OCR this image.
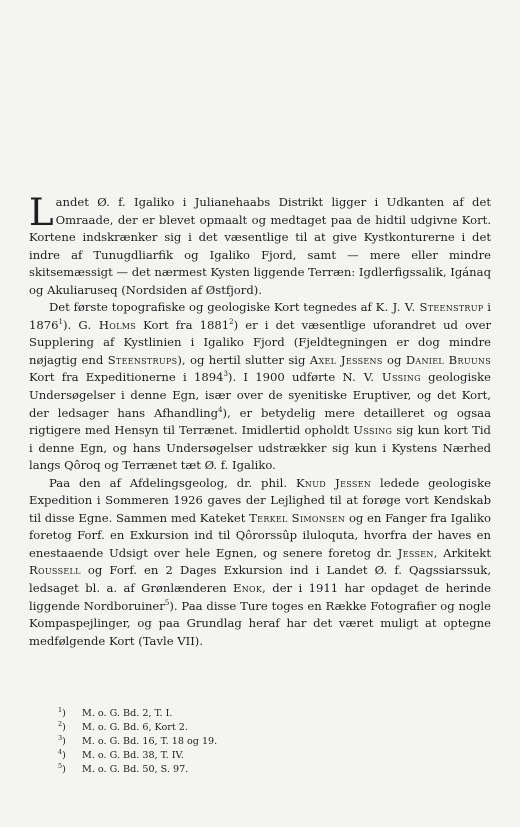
Landet Ø. f. Igaliko i Julianehaabs Distrikt ligger i Udkanten af det Omraade, der er blevet opmaalt og medtaget paa de hidtil udgivne Kort. Kortene indskrænker sig i det væsentlige til at give Kystkonturerne i det indre af Tunugdliarfik og Igaliko Fjord, samt — mere eller mindre skitsemæssigt — det nærmest Kysten liggende Terræn: Igdlerfigssalik, Igánaq og Akuliaruseq (Nordsiden af Østfjord).

Det første topografiske og geologiske Kort tegnedes af K. J. V. Steenstrup i 1876$^1$). G. Holms Kort fra 1881$^2$) er i det væsentlige uforandret ud over Supplering af Kystlinien i Igaliko Fjord (Fjeldtegningen er dog mindre nøjagtig end Steenstrups), og hertil slutter sig Axel Jessens og Daniel Bruuns Kort fra Expeditionerne i 1894$^3$). I 1900 udførte N. V. Ussing geologiske Undersøgelser i denne Egn, især over de syenitiske Eruptiver, og det Kort, der ledsager hans Afhandling$^4$), er betydelig mere detailleret og ogsaa rigtigere med Hensyn til Terrænet. Imidlertid opholdt Ussing sig kun kort Tid i denne Egn, og hans Undersøgelser udstrækker sig kun i Kystens Nærhed langs Qôroq og Terrænet tæt Ø. f. Igaliko.

Paa den af Afdelingsgeolog, dr. phil. Knud Jessen ledede geologiske Expedition i Sommeren 1926 gaves der Lejlighed til at forøge vort Kendskab til disse Egne. Sammen med Kateket Terkel Simonsen og en Fanger fra Igaliko foretog Forf. en Exkursion ind til Qôrorssûp iluloquta, hvorfra der haves en enestaaende Udsigt over hele Egnen, og senere foretog dr. Jessen, Arkitekt Roussell og Forf. en 2 Dages Exkursion ind i Landet Ø. f. Qagssiarssuk, ledsaget bl. a. af Grønlænderen Enok, der i 1911 har opdaget de herinde liggende Nordboruiner$^5$). Paa disse Ture toges en Række Fotografier og nogle Kompaspejlinger, og paa Grundlag heraf har det været muligt at optegne medfølgende Kort (Tavle VII).

$^1$)	M. o. G. Bd. 2, T. I.
$^2$)	M. o. G. Bd. 6, Kort 2.
$^3$)	M. o. G. Bd. 16, T. 18 og 19.
$^4$)	M. o. G. Bd. 38, T. IV.
$^5$)	M. o. G. Bd. 50, S. 97.
